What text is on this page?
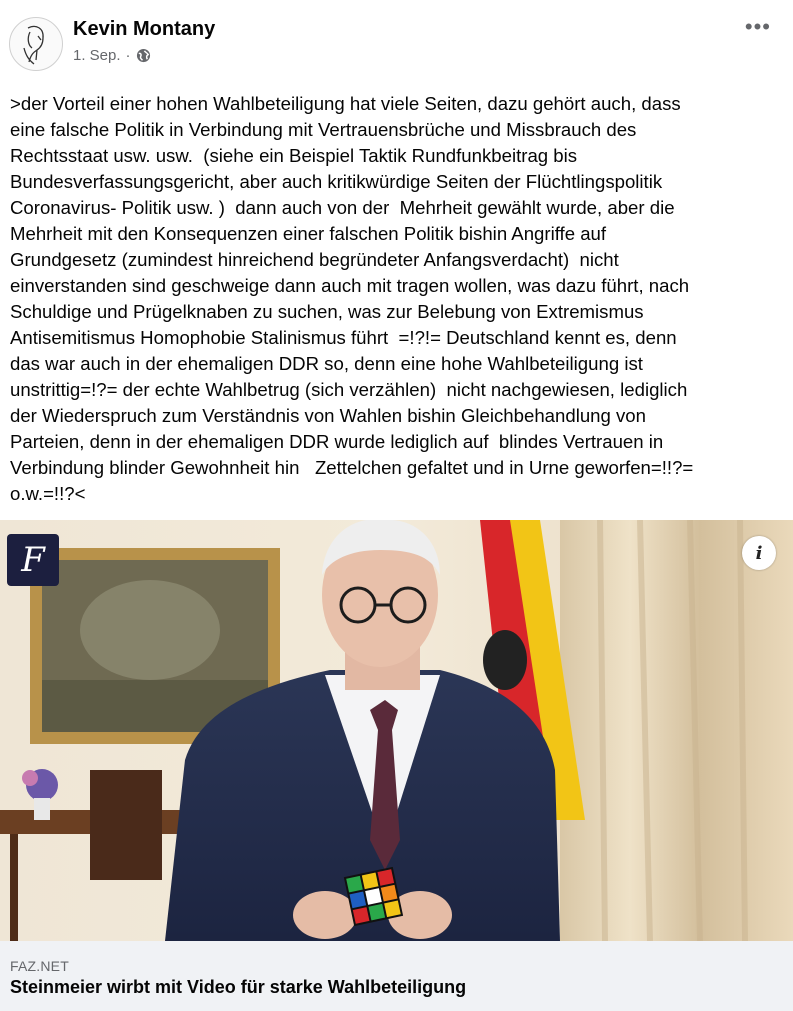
Kevin Montany
1. Sep. ·
•••

>der Vorteil einer hohen Wahlbeteiligung hat viele Seiten, dazu gehört auch, dass
eine falsche Politik in Verbindung mit Vertrauensbrüche und Missbrauch des
Rechtsstaat usw. usw.  (siehe ein Beispiel Taktik Rundfunkbeitrag bis
Bundesverfassungsgericht, aber auch kritikwürdige Seiten der Flüchtlingspolitik
Coronavirus- Politik usw. )  dann auch von der  Mehrheit gewählt wurde, aber die
Mehrheit mit den Konsequenzen einer falschen Politik bishin Angriffe auf
Grundgesetz (zumindest hinreichend begründeter Anfangsverdacht)  nicht
einverstanden sind geschweige dann auch mit tragen wollen, was dazu führt, nach
Schuldige und Prügelknaben zu suchen, was zur Belebung von Extremismus
Antisemitismus Homophobie Stalinismus führt  =!?!= Deutschland kennt es, denn
das war auch in der ehemaligen DDR so, denn eine hohe Wahlbeteiligung ist
unstrittig=!?= der echte Wahlbetrug (sich verzählen)  nicht nachgewiesen, lediglich
der Wiederspruch zum Verständnis von Wahlen bishin Gleichbehandlung von
Parteien, denn in der ehemaligen DDR wurde lediglich auf  blindes Vertrauen in
Verbindung blinder Gewohnheit hin   Zettelchen gefaltet und in Urne geworfen=!!?=
o.w.=!!?<

F	i
FAZ.NET
Steinmeier wirbt mit Video für starke Wahlbeteiligung
